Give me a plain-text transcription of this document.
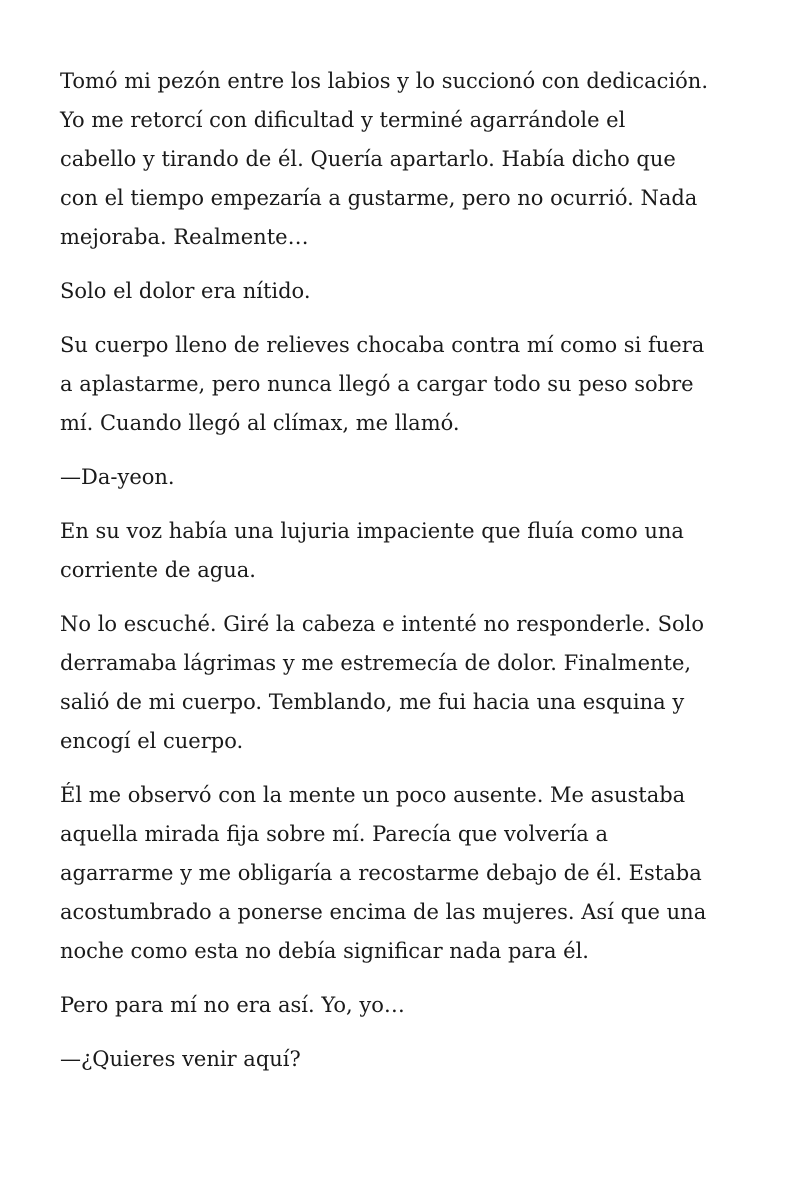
Tomó mi pezón entre los labios y lo succionó con dedicación.
Yo me retorcí con dificultad y terminé agarrándole el
cabello y tirando de él. Quería apartarlo. Había dicho que
con el tiempo empezaría a gustarme, pero no ocurrió. Nada
mejoraba. Realmente…

Solo el dolor era nítido.

Su cuerpo lleno de relieves chocaba contra mí como si fuera
a aplastarme, pero nunca llegó a cargar todo su peso sobre
mí. Cuando llegó al clímax, me llamó.

—Da-yeon.

En su voz había una lujuria impaciente que fluía como una
corriente de agua.

No lo escuché. Giré la cabeza e intenté no responderle. Solo
derramaba lágrimas y me estremecía de dolor. Finalmente,
salió de mi cuerpo. Temblando, me fui hacia una esquina y
encogí el cuerpo.

Él me observó con la mente un poco ausente. Me asustaba
aquella mirada fija sobre mí. Parecía que volvería a
agarrarme y me obligaría a recostarme debajo de él. Estaba
acostumbrado a ponerse encima de las mujeres. Así que una
noche como esta no debía significar nada para él.

Pero para mí no era así. Yo, yo…

—¿Quieres venir aquí?
